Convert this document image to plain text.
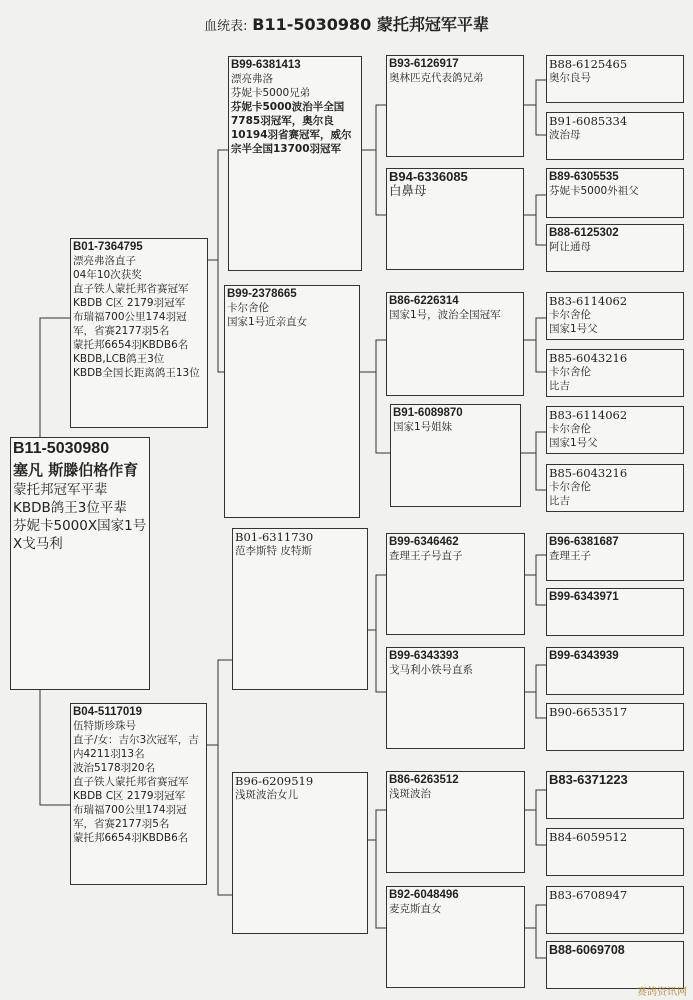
血统表: B11-5030980 蒙托邦冠军平辈
B11-5030980
塞凡 斯滕伯格作育
蒙托邦冠军平辈
KBDB鸽王3位平辈
芬妮卡5000X国家1号X戈马利
B01-7364795
漂亮弗洛直子
04年10次获奖
直子铁人蒙托邦省赛冠军
KBDB C区 2179羽冠军
布瑞福700公里174羽冠军，省赛2177羽5名
蒙托邦6654羽KBDB6名
KBDB,LCB鸽王3位
KBDB全国长距离鸽王13位
B04-5117019
伍特斯珍珠号
直子/女：吉尔3次冠军，吉内4211羽13名
波治5178羽20名
直子铁人蒙托邦省赛冠军
KBDB C区 2179羽冠军
布瑞福700公里174羽冠军，省赛2177羽5名
蒙托邦6654羽KBDB6名
B99-6381413
漂亮弗洛
芬妮卡5000兄弟
芬妮卡5000波治半全国7785羽冠军，奥尔良10194羽省赛冠军，威尔宗半全国13700羽冠军
B99-2378665
卡尔舍伦
国家1号近亲直女
B01-6311730
范李斯特 皮特斯
B96-6209519
浅斑波治女儿
B93-6126917
奥林匹克代表鸽兄弟
B94-6336085
白鼻母
B86-6226314
国家1号，波治全国冠军
B91-6089870
国家1号姐妹
B99-6346462
查理王子号直子
B99-6343393
戈马利小铁号直系
B86-6263512
浅斑波治
B92-6048496
麦克斯直女
B88-6125465
奥尔良号
B91-6085334
波治母
B89-6305535
芬妮卡5000外祖父
B88-6125302
阿让通母
B83-6114062
卡尔舍伦
国家1号父
B85-6043216
卡尔舍伦
比吉
B83-6114062
卡尔舍伦
国家1号父
B85-6043216
卡尔舍伦
比吉
B96-6381687
查理王子
B99-6343971
B99-6343939
B90-6653517
B83-6371223
B84-6059512
B83-6708947
B88-6069708
赛鸽资讯网
